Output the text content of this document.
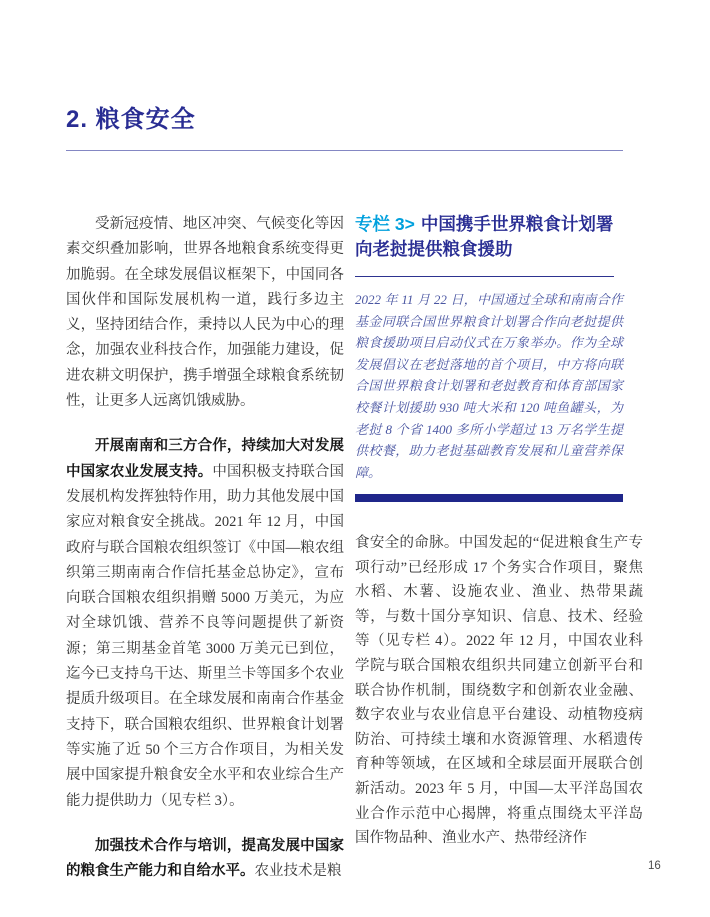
2. 粮食安全

受新冠疫情、地区冲突、气候变化等因素交织叠加影响，世界各地粮食系统变得更加脆弱。在全球发展倡议框架下，中国同各国伙伴和国际发展机构一道，践行多边主义，坚持团结合作，秉持以人民为中心的理念，加强农业科技合作，加强能力建设，促进农耕文明保护，携手增强全球粮食系统韧性，让更多人远离饥饿威胁。

开展南南和三方合作，持续加大对发展中国家农业发展支持。中国积极支持联合国发展机构发挥独特作用，助力其他发展中国家应对粮食安全挑战。2021 年 12 月，中国政府与联合国粮农组织签订《中国—粮农组织第三期南南合作信托基金总协定》，宣布向联合国粮农组织捐赠 5000 万美元，为应对全球饥饿、营养不良等问题提供了新资源；第三期基金首笔 3000 万美元已到位，迄今已支持乌干达、斯里兰卡等国多个农业提质升级项目。在全球发展和南南合作基金支持下，联合国粮农组织、世界粮食计划署等实施了近 50 个三方合作项目，为相关发展中国家提升粮食安全水平和农业综合生产能力提供助力（见专栏 3）。

加强技术合作与培训，提高发展中国家的粮食生产能力和自给水平。农业技术是粮

专栏 3> 中国携手世界粮食计划署向老挝提供粮食援助

2022 年 11 月 22 日，中国通过全球和南南合作基金同联合国世界粮食计划署合作向老挝提供粮食援助项目启动仪式在万象举办。作为全球发展倡议在老挝落地的首个项目，中方将向联合国世界粮食计划署和老挝教育和体育部国家校餐计划援助 930 吨大米和 120 吨鱼罐头，为老挝 8 个省 1400 多所小学超过 13 万名学生提供校餐，助力老挝基础教育发展和儿童营养保障。

食安全的命脉。中国发起的“促进粮食生产专项行动”已经形成 17 个务实合作项目，聚焦水稻、木薯、设施农业、渔业、热带果蔬等，与数十国分享知识、信息、技术、经验等（见专栏 4）。2022 年 12 月，中国农业科学院与联合国粮农组织共同建立创新平台和联合协作机制，围绕数字和创新农业金融、数字农业与农业信息平台建设、动植物疫病防治、可持续土壤和水资源管理、水稻遗传育种等领域，在区域和全球层面开展联合创新活动。2023 年 5 月，中国—太平洋岛国农业合作示范中心揭牌，将重点围绕太平洋岛国作物品种、渔业水产、热带经济作
16
